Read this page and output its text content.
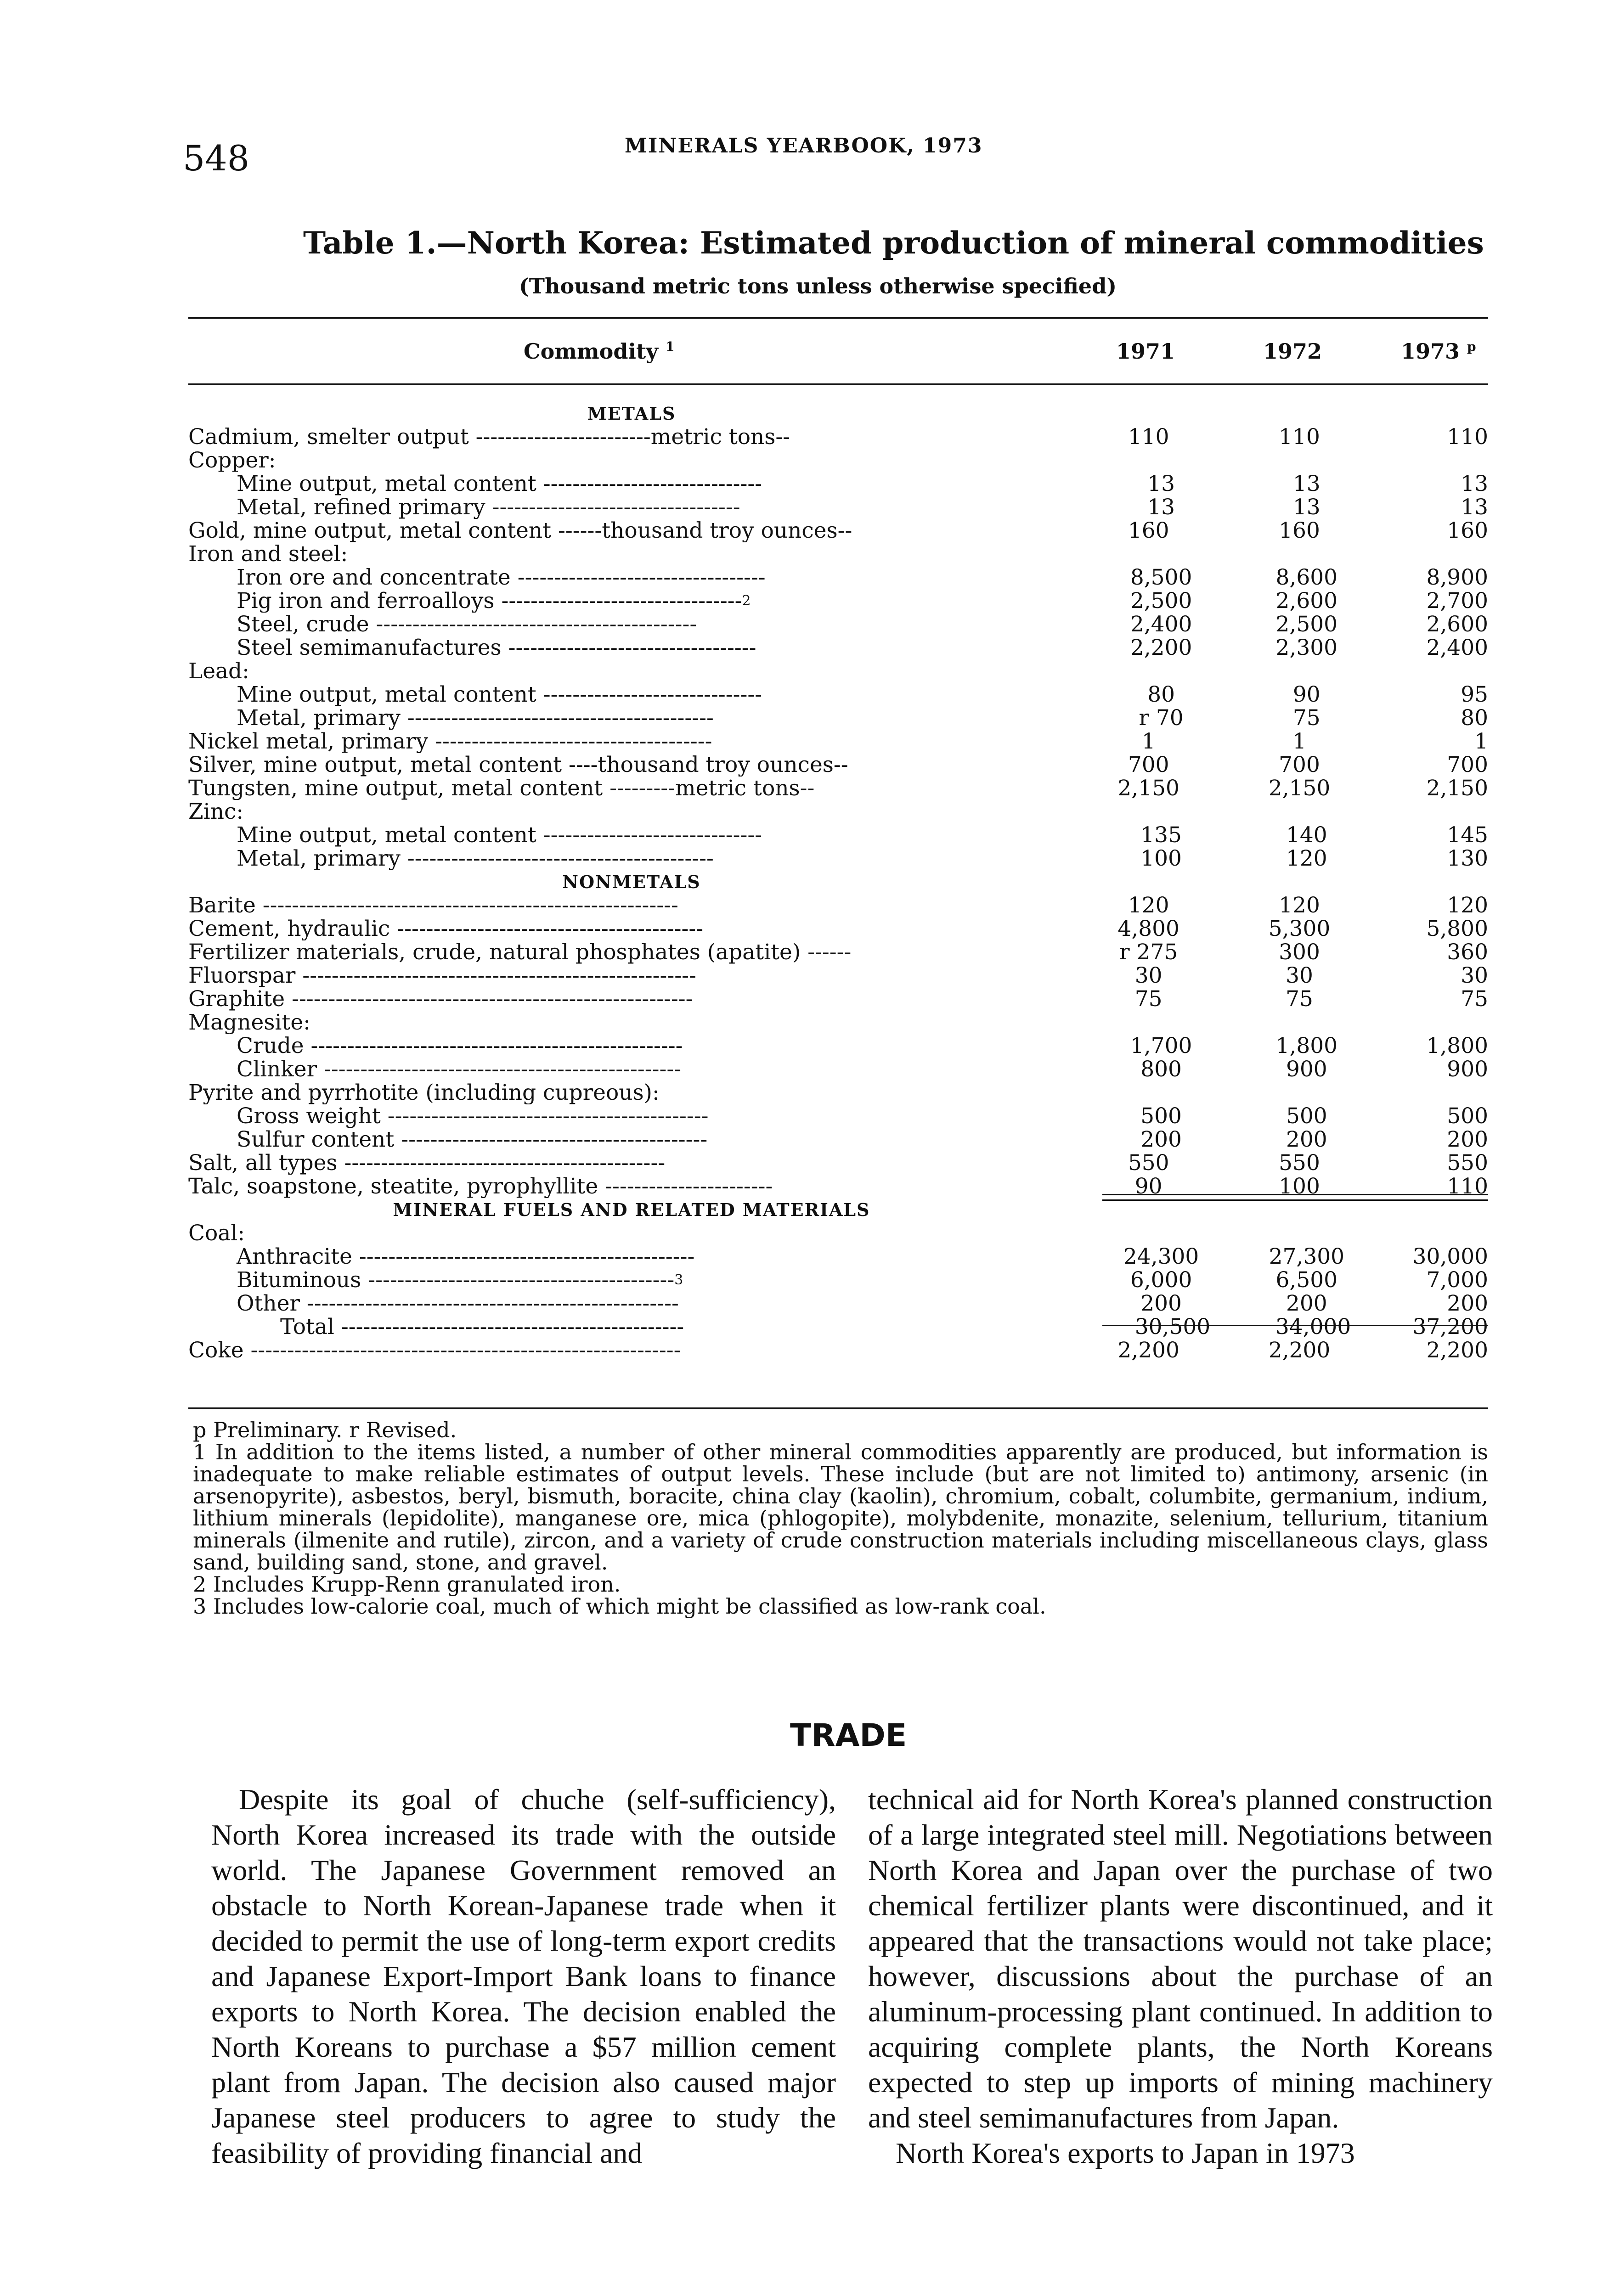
548	MINERALS YEARBOOK, 1973
Table 1.—North Korea: Estimated production of mineral commodities
(Thousand metric tons unless otherwise specified)
Commodity $^1$	1971	1972	1973 $^p$
METALS
Cadmium, smelter output ------------------------metric tons--	110	110	110
Copper:
Mine output, metal content ------------------------------	13	13	13
Metal, refined primary ----------------------------------	13	13	13
Gold, mine output, metal content ------thousand troy ounces--	160	160	160
Iron and steel:
Iron ore and concentrate ----------------------------------	8,500	8,600	8,900
Pig iron and ferroalloys ---------------------------------$^2$	2,500	2,600	2,700
Steel, crude --------------------------------------------	2,400	2,500	2,600
Steel semimanufactures ----------------------------------	2,200	2,300	2,400
Lead:
Mine output, metal content ------------------------------	80	90	95
Metal, primary ------------------------------------------	r 70	75	80
Nickel metal, primary --------------------------------------	1	1	1
Silver, mine output, metal content ----thousand troy ounces--	700	700	700
Tungsten, mine output, metal content ---------metric tons--	2,150	2,150	2,150
Zinc:
Mine output, metal content ------------------------------	135	140	145
Metal, primary ------------------------------------------	100	120	130
NONMETALS
Barite ---------------------------------------------------------	120	120	120
Cement, hydraulic ------------------------------------------	4,800	5,300	5,800
Fertilizer materials, crude, natural phosphates (apatite) ------	r 275	300	360
Fluorspar ------------------------------------------------------	30	30	30
Graphite -------------------------------------------------------	75	75	75
Magnesite:
Crude ---------------------------------------------------	1,700	1,800	1,800
Clinker -------------------------------------------------	800	900	900
Pyrite and pyrrhotite (including cupreous):
Gross weight --------------------------------------------	500	500	500
Sulfur content ------------------------------------------	200	200	200
Salt, all types --------------------------------------------	550	550	550
Talc, soapstone, steatite, pyrophyllite -----------------------	90	100	110
MINERAL FUELS AND RELATED MATERIALS
Coal:
Anthracite ----------------------------------------------	24,300	27,300	30,000
Bituminous ------------------------------------------$^3$	6,000	6,500	7,000
Other ---------------------------------------------------	200	200	200
Total -----------------------------------------------	30,500	34,000	37,200
Coke -----------------------------------------------------------	2,200	2,200	2,200

p Preliminary. r Revised.

1 In addition to the items listed, a number of other mineral commodities apparently are produced, but information is inadequate to make reliable estimates of output levels. These include (but are not limited to) antimony, arsenic (in arsenopyrite), asbestos, beryl, bismuth, boracite, china clay (kaolin), chromium, cobalt, columbite, germanium, indium, lithium minerals (lepidolite), manganese ore, mica (phlogopite), molybdenite, monazite, selenium, tellurium, titanium minerals (ilmenite and rutile), zircon, and a variety of crude construction materials including miscellaneous clays, glass sand, building sand, stone, and gravel.

2 Includes Krupp-Renn granulated iron.

3 Includes low-calorie coal, much of which might be classified as low-rank coal.

TRADE
Despite its goal of chuche (self-sufficiency), North Korea increased its trade with the outside world. The Japanese Government removed an obstacle to North Korean-Japanese trade when it decided to permit the use of long-term export credits and Japanese Export-Import Bank loans to finance exports to North Korea. The decision enabled the North Koreans to purchase a $57 million cement plant from Japan. The decision also caused major Japanese steel producers to agree to study the feasibility of providing financial and
technical aid for North Korea's planned construction of a large integrated steel mill. Negotiations between North Korea and Japan over the purchase of two chemical fertilizer plants were discontinued, and it appeared that the transactions would not take place; however, discussions about the purchase of an aluminum-processing plant continued. In addition to acquiring complete plants, the North Koreans expected to step up imports of mining machinery and steel semimanufactures from Japan.
North Korea's exports to Japan in 1973
